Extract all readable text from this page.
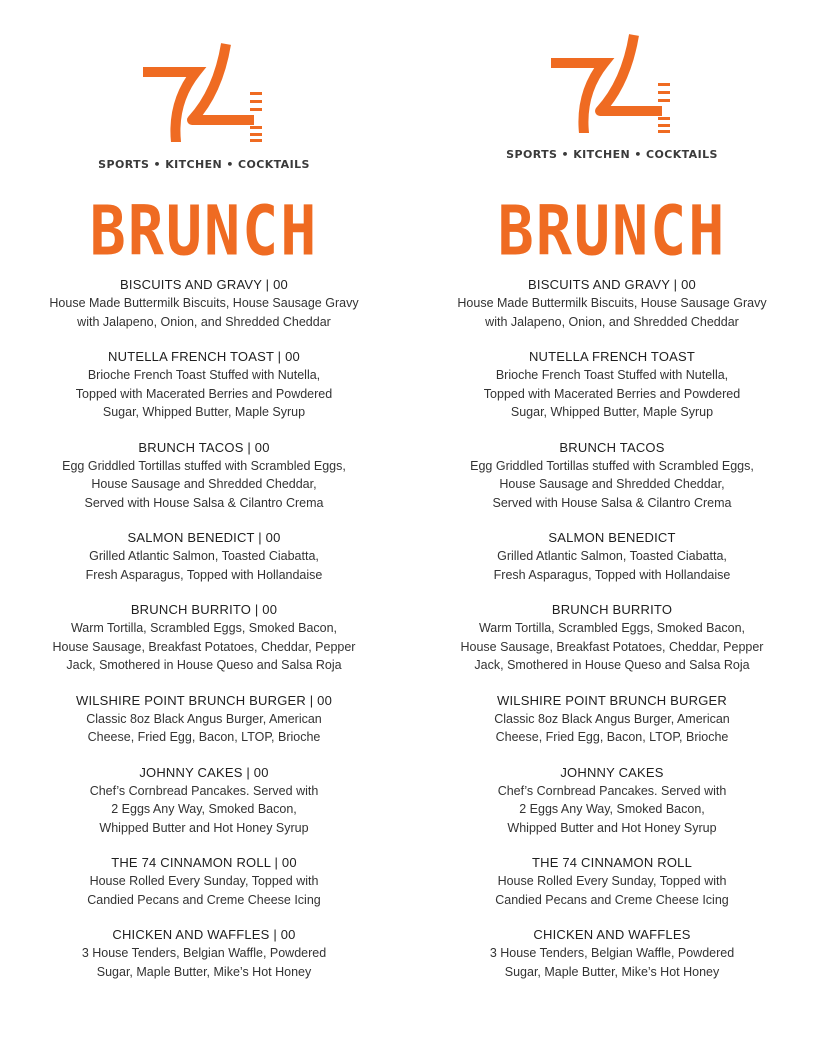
SPORTS • KITCHEN • COCKTAILS
BRUNCH
BISCUITS AND GRAVY | 00
House Made Buttermilk Biscuits, House Sausage Gravy
with Jalapeno, Onion, and Shredded Cheddar
NUTELLA FRENCH TOAST | 00
Brioche French Toast Stuffed with Nutella,
Topped with Macerated Berries and Powdered
Sugar, Whipped Butter, Maple Syrup
BRUNCH TACOS | 00
Egg Griddled Tortillas stuffed with Scrambled Eggs,
House Sausage and Shredded Cheddar,
Served with House Salsa & Cilantro Crema
SALMON BENEDICT | 00
Grilled Atlantic Salmon, Toasted Ciabatta,
Fresh Asparagus, Topped with Hollandaise
BRUNCH BURRITO | 00
Warm Tortilla, Scrambled Eggs, Smoked Bacon,
House Sausage, Breakfast Potatoes, Cheddar, Pepper
Jack, Smothered in House Queso and Salsa Roja
WILSHIRE POINT BRUNCH BURGER | 00
Classic 8oz Black Angus Burger, American
Cheese, Fried Egg, Bacon, LTOP, Brioche
JOHNNY CAKES | 00
Chef’s Cornbread Pancakes. Served with
2 Eggs Any Way, Smoked Bacon,
Whipped Butter and Hot Honey Syrup
THE 74 CINNAMON ROLL | 00
House Rolled Every Sunday, Topped with
Candied Pecans and Creme Cheese Icing
CHICKEN AND WAFFLES | 00
3 House Tenders, Belgian Waffle, Powdered
Sugar, Maple Butter, Mike’s Hot Honey
SPORTS • KITCHEN • COCKTAILS
BRUNCH
BISCUITS AND GRAVY | 00
House Made Buttermilk Biscuits, House Sausage Gravy
with Jalapeno, Onion, and Shredded Cheddar
NUTELLA FRENCH TOAST
Brioche French Toast Stuffed with Nutella,
Topped with Macerated Berries and Powdered
Sugar, Whipped Butter, Maple Syrup
BRUNCH TACOS
Egg Griddled Tortillas stuffed with Scrambled Eggs,
House Sausage and Shredded Cheddar,
Served with House Salsa & Cilantro Crema
SALMON BENEDICT
Grilled Atlantic Salmon, Toasted Ciabatta,
Fresh Asparagus, Topped with Hollandaise
BRUNCH BURRITO
Warm Tortilla, Scrambled Eggs, Smoked Bacon,
House Sausage, Breakfast Potatoes, Cheddar, Pepper
Jack, Smothered in House Queso and Salsa Roja
WILSHIRE POINT BRUNCH BURGER
Classic 8oz Black Angus Burger, American
Cheese, Fried Egg, Bacon, LTOP, Brioche
JOHNNY CAKES
Chef’s Cornbread Pancakes. Served with
2 Eggs Any Way, Smoked Bacon,
Whipped Butter and Hot Honey Syrup
THE 74 CINNAMON ROLL
House Rolled Every Sunday, Topped with
Candied Pecans and Creme Cheese Icing
CHICKEN AND WAFFLES
3 House Tenders, Belgian Waffle, Powdered
Sugar, Maple Butter, Mike’s Hot Honey
